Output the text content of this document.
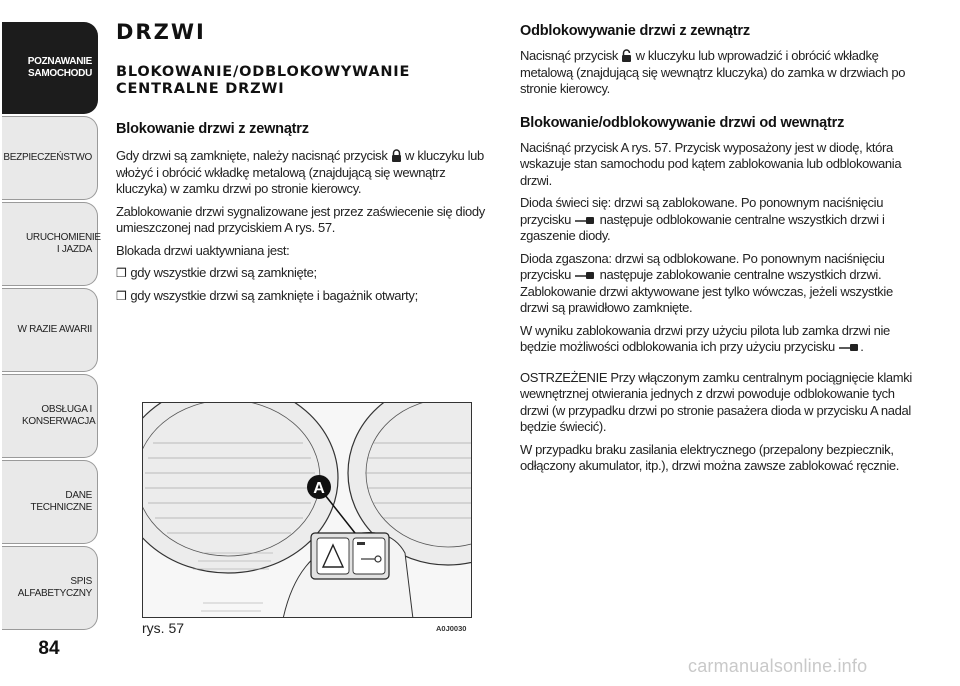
POZNAWANIE SAMOCHODU
BEZPIECZEŃSTWO
URUCHOMIENIE I JAZDA
W RAZIE AWARII
OBSŁUGA I KONSERWACJA
DANE TECHNICZNE
SPIS ALFABETYCZNY
84
DRZWI
BLOKOWANIE/ODBLOKOWYWANIE CENTRALNE DRZWI
Blokowanie drzwi z zewnątrz

Gdy drzwi są zamknięte, należy nacisnąć przycisk w kluczyku lub włożyć i obrócić wkładkę metalową (znajdującą się wewnątrz kluczyka) w zamku drzwi po stronie kierowcy.

Zablokowanie drzwi sygnalizowane jest przez zaświecenie się diody umieszczonej nad przyciskiem A rys. 57.

Blokada drzwi uaktywniana jest:

❒ gdy wszystkie drzwi są zamknięte;
❒ gdy wszystkie drzwi są zamknięte i bagażnik otwarty;
A
rys. 57	A0J0030
Odblokowywanie drzwi z zewnątrz

Nacisnąć przycisk w kluczyku lub wprowadzić i obrócić wkładkę metalową (znajdującą się wewnątrz kluczyka) do zamka w drzwiach po stronie kierowcy.

Blokowanie/odblokowywanie drzwi od wewnątrz

Naciśnąć przycisk A rys. 57. Przycisk wyposażony jest w diodę, która wskazuje stan samochodu pod kątem zablokowania lub odblokowania drzwi.

Dioda świeci się: drzwi są zablokowane. Po ponownym naciśnięciu przycisku następuje odblokowanie centralne wszystkich drzwi i zgaszenie diody.

Dioda zgaszona: drzwi są odblokowane. Po ponownym naciśnięciu przycisku następuje zablokowanie centralne wszystkich drzwi. Zablokowanie drzwi aktywowane jest tylko wówczas, jeżeli wszystkie drzwi są prawidłowo zamknięte.

W wyniku zablokowania drzwi przy użyciu pilota lub zamka drzwi nie będzie możliwości odblokowania ich przy użyciu przycisku .

OSTRZEŻENIE Przy włączonym zamku centralnym pociągnięcie klamki wewnętrznej otwierania jednych z drzwi powoduje odblokowanie tych drzwi (w przypadku drzwi po stronie pasażera dioda w przycisku A nadal będzie świecić).

W przypadku braku zasilania elektrycznego (przepalony bezpiecznik, odłączony akumulator, itp.), drzwi można zawsze zablokować ręcznie.

carmanualsonline.info
